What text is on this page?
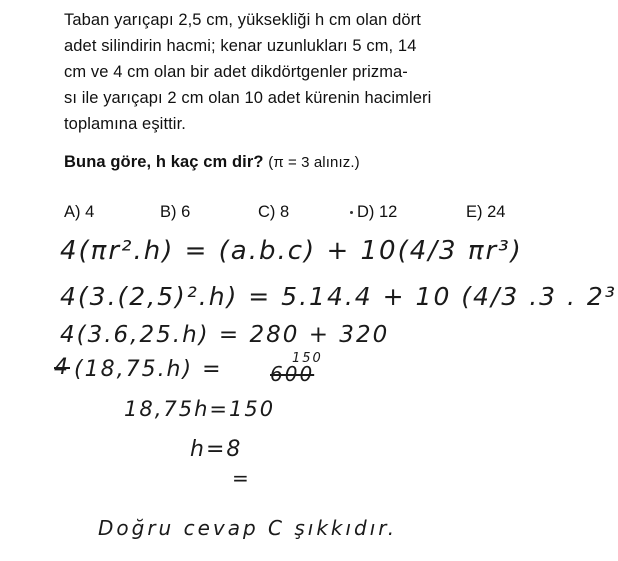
Taban yarıçapı 2,5 cm, yüksekliği h cm olan dört
adet silindirin hacmi; kenar uzunlukları 5 cm, 14
cm ve 4 cm olan bir adet dikdörtgenler prizma-
sı ile yarıçapı 2 cm olan 10 adet kürenin hacimleri
toplamına eşittir.
Buna göre, h kaç cm dir? (π = 3 alınız.)
A) 4	B) 6	C) 8	D) 12	E) 24
4(πr².h) = (a.b.c) + 10(4/3 πr³)
4(3.(2,5)².h) = 5.14.4 + 10 (4/3 .3 . 2³
4(3.6,25.h) = 280 + 320
4 (18,75.h) = 600
150
18,75h=150
h=8
=
Doğru cevap C şıkkıdır.
